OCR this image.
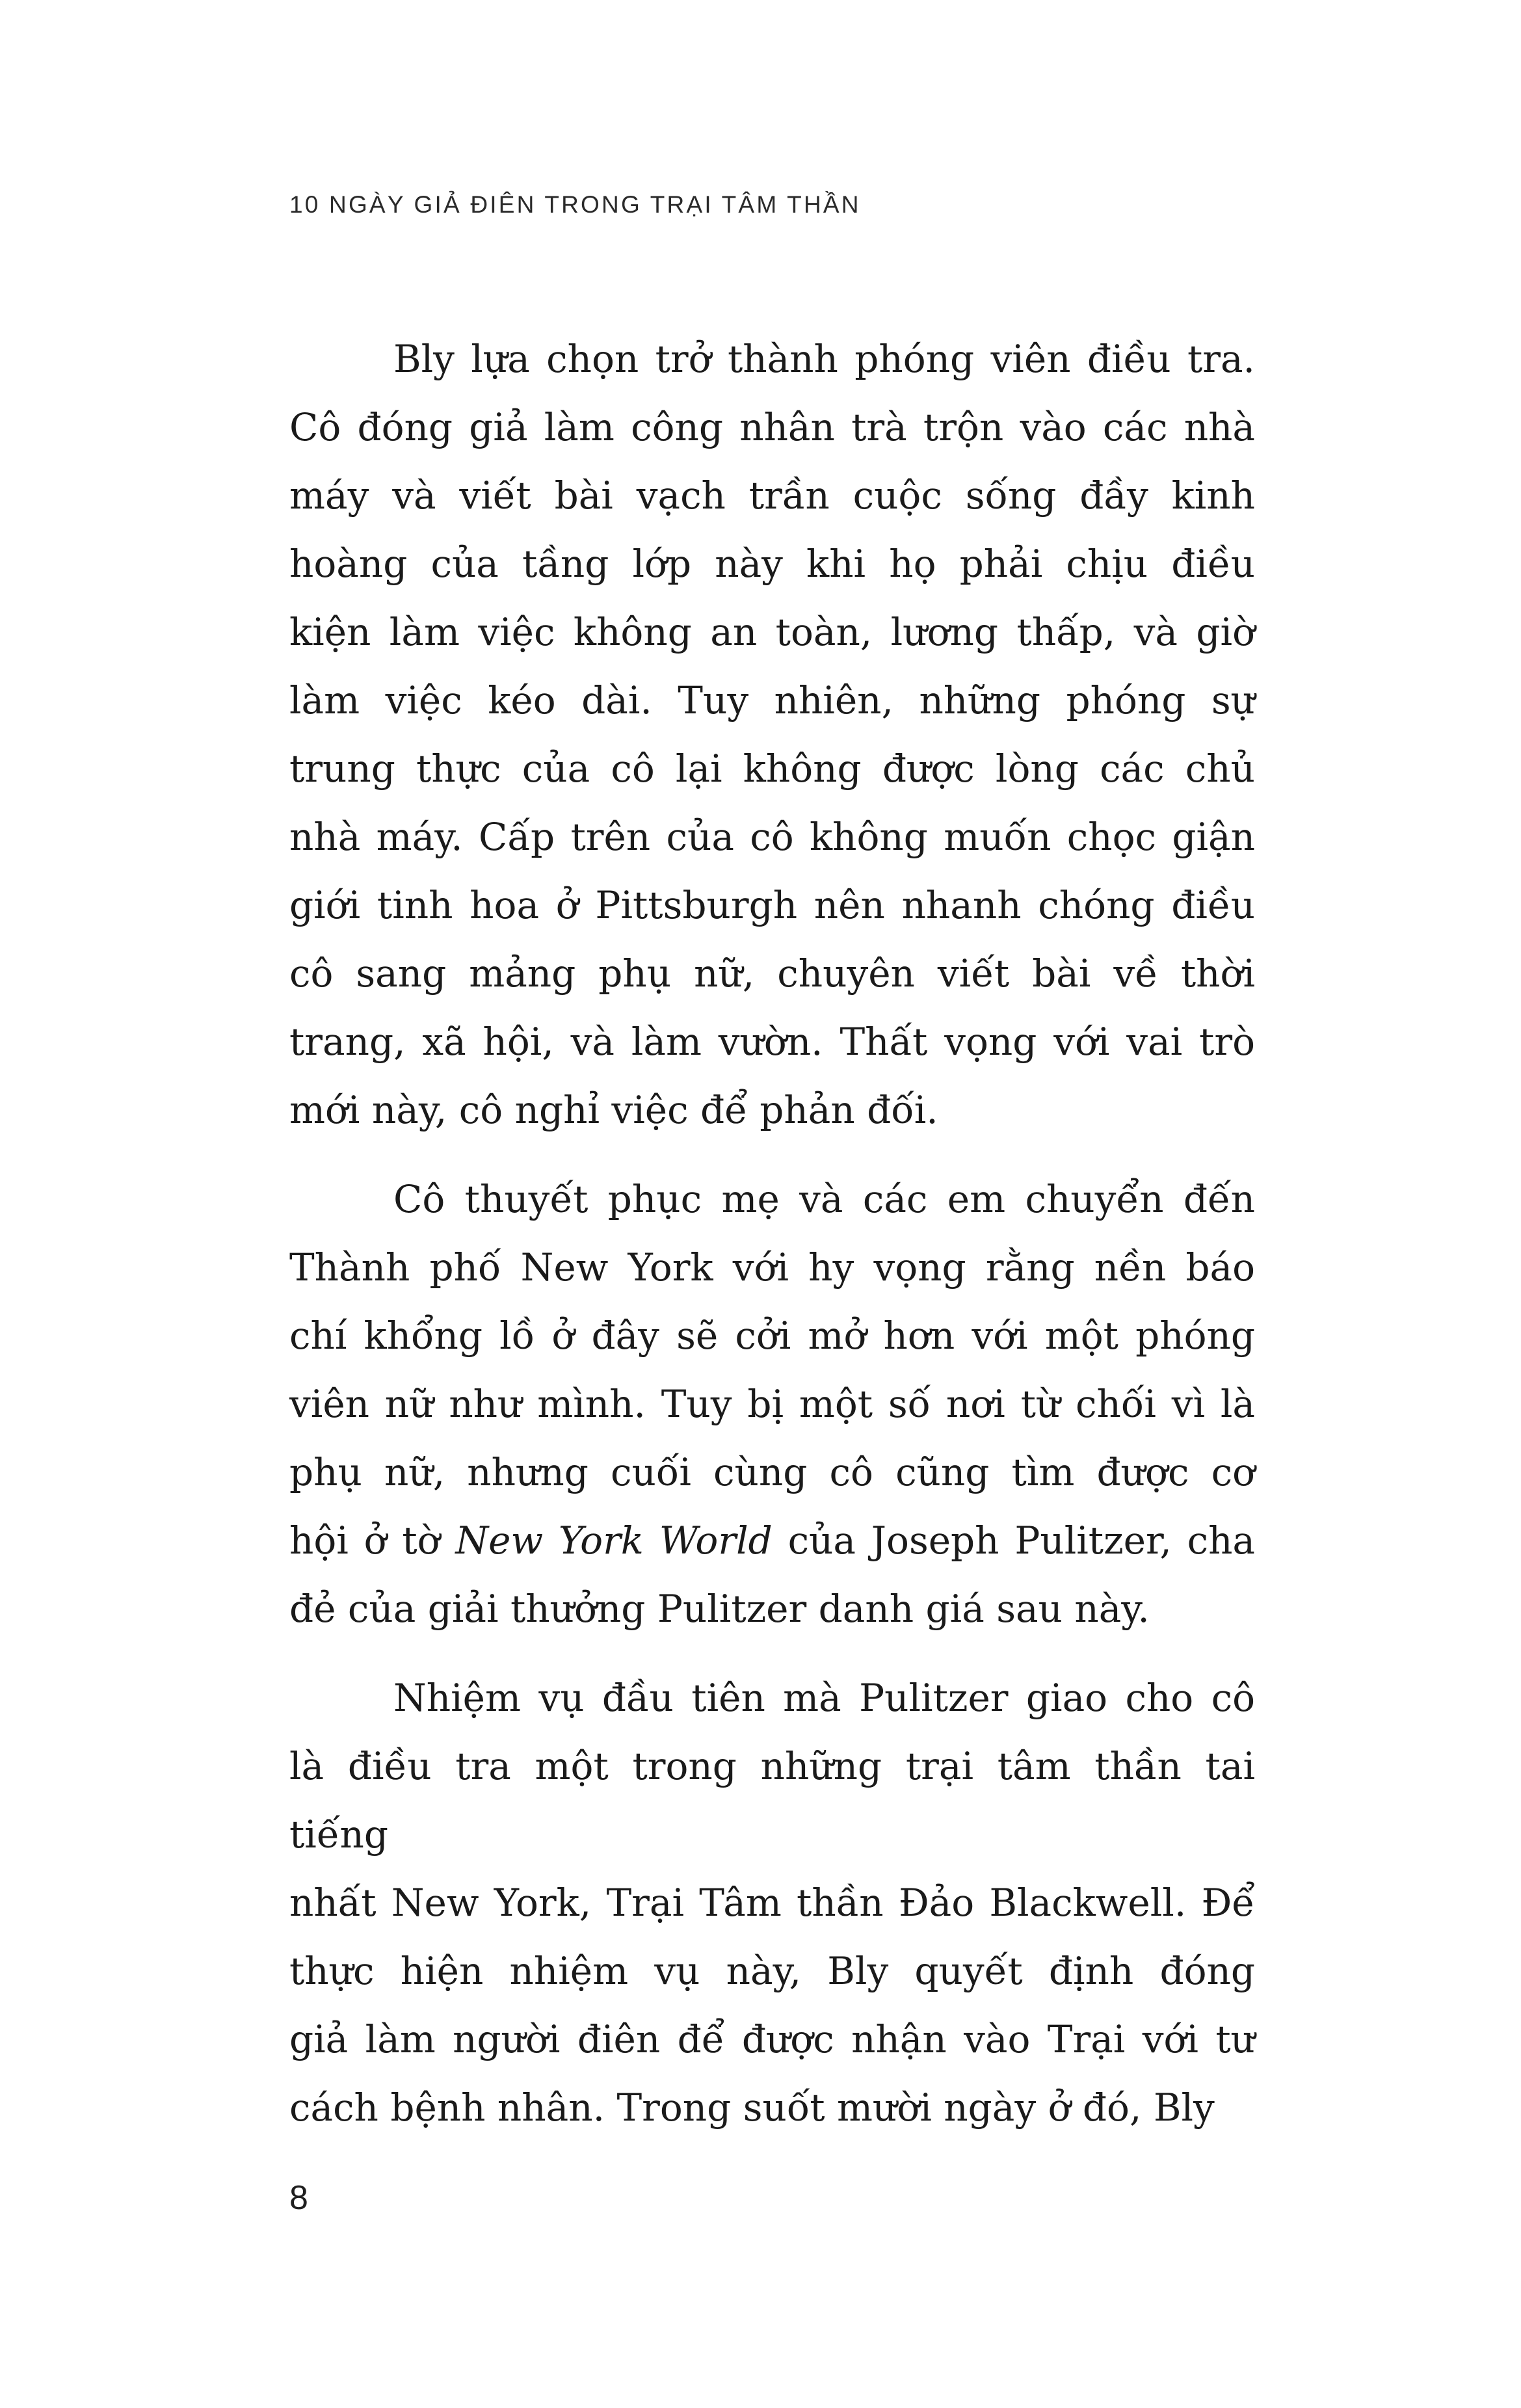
10 NGÀY GIẢ ĐIÊN TRONG TRẠI TÂM THẦN
Bly lựa chọn trở thành phóng viên điều tra.
Cô đóng giả làm công nhân trà trộn vào các nhà
máy và viết bài vạch trần cuộc sống đầy kinh
hoàng của tầng lớp này khi họ phải chịu điều
kiện làm việc không an toàn, lương thấp, và giờ
làm việc kéo dài. Tuy nhiên, những phóng sự
trung thực của cô lại không được lòng các chủ
nhà máy. Cấp trên của cô không muốn chọc giận
giới tinh hoa ở Pittsburgh nên nhanh chóng điều
cô sang mảng phụ nữ, chuyên viết bài về thời
trang, xã hội, và làm vườn. Thất vọng với vai trò
mới này, cô nghỉ việc để phản đối.
Cô thuyết phục mẹ và các em chuyển đến
Thành phố New York với hy vọng rằng nền báo
chí khổng lồ ở đây sẽ cởi mở hơn với một phóng
viên nữ như mình. Tuy bị một số nơi từ chối vì là
phụ nữ, nhưng cuối cùng cô cũng tìm được cơ
hội ở tờ New York World của Joseph Pulitzer, cha
đẻ của giải thưởng Pulitzer danh giá sau này.
Nhiệm vụ đầu tiên mà Pulitzer giao cho cô
là điều tra một trong những trại tâm thần tai tiếng
nhất New York, Trại Tâm thần Đảo Blackwell. Để
thực hiện nhiệm vụ này, Bly quyết định đóng
giả làm người điên để được nhận vào Trại với tư
cách bệnh nhân. Trong suốt mười ngày ở đó, Bly
8
